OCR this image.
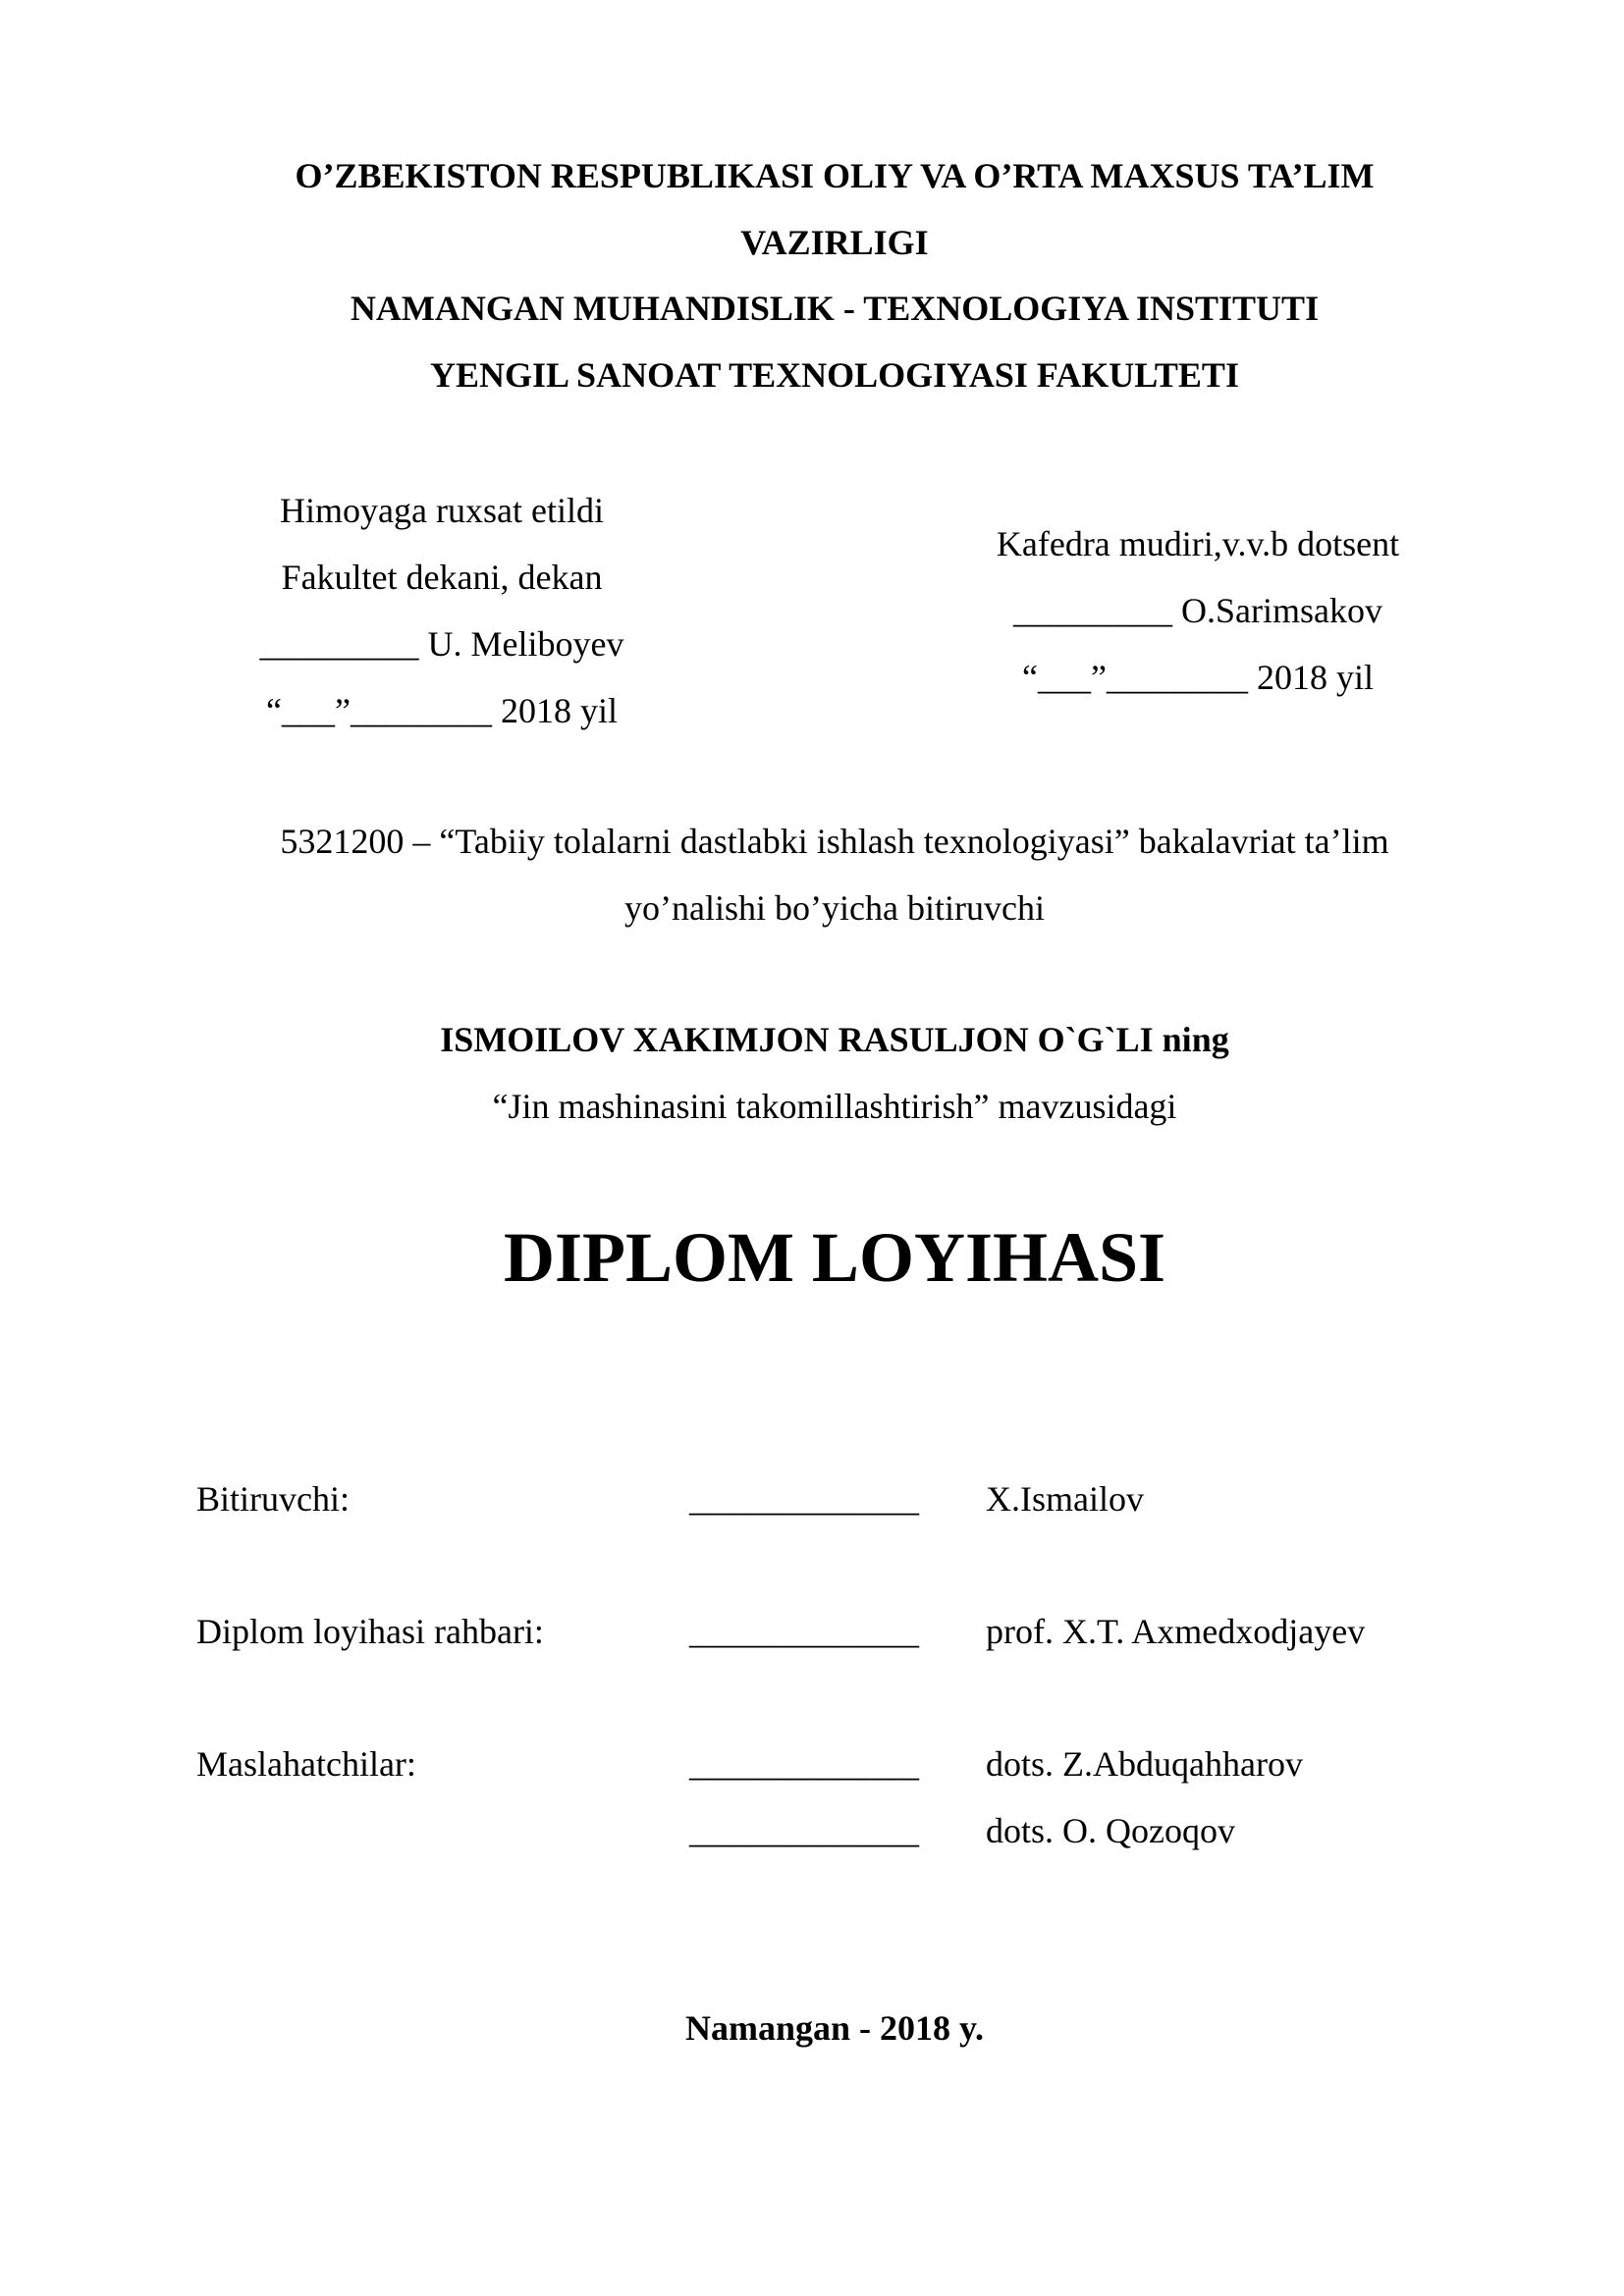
O’ZBEKISTON RESPUBLIKASI OLIY VA O’RTA MAXSUS TA’LIM
VAZIRLIGI
NAMANGAN MUHANDISLIK - TEXNOLOGIYA INSTITUTI
YENGIL SANOAT TEXNOLOGIYASI FAKULTETI
Himoyaga ruxsat etildi
Fakultet dekani, dekan
_________ U. Meliboyev
“___”________ 2018 yil
Kafedra mudiri,v.v.b dotsent
_________ O.Sarimsakov
“___”________ 2018 yil
5321200 – “Tabiiy tolalarni dastlabki ishlash texnologiyasi” bakalavriat ta’lim
yo’nalishi bo’yicha bitiruvchi
ISMOILOV XAKIMJON RASULJON O`G`LI ning
“Jin mashinasini takomillashtirish” mavzusidagi
DIPLOM LOYIHASI
Bitiruvchi:	_____________ X.Ismailov
Diplom loyihasi rahbari:	_____________ prof. X.T. Axmedxodjayev
Maslahatchilar:	_____________ dots. Z.Abduqahharov
_____________ dots. O. Qozoqov
Namangan - 2018 y.
